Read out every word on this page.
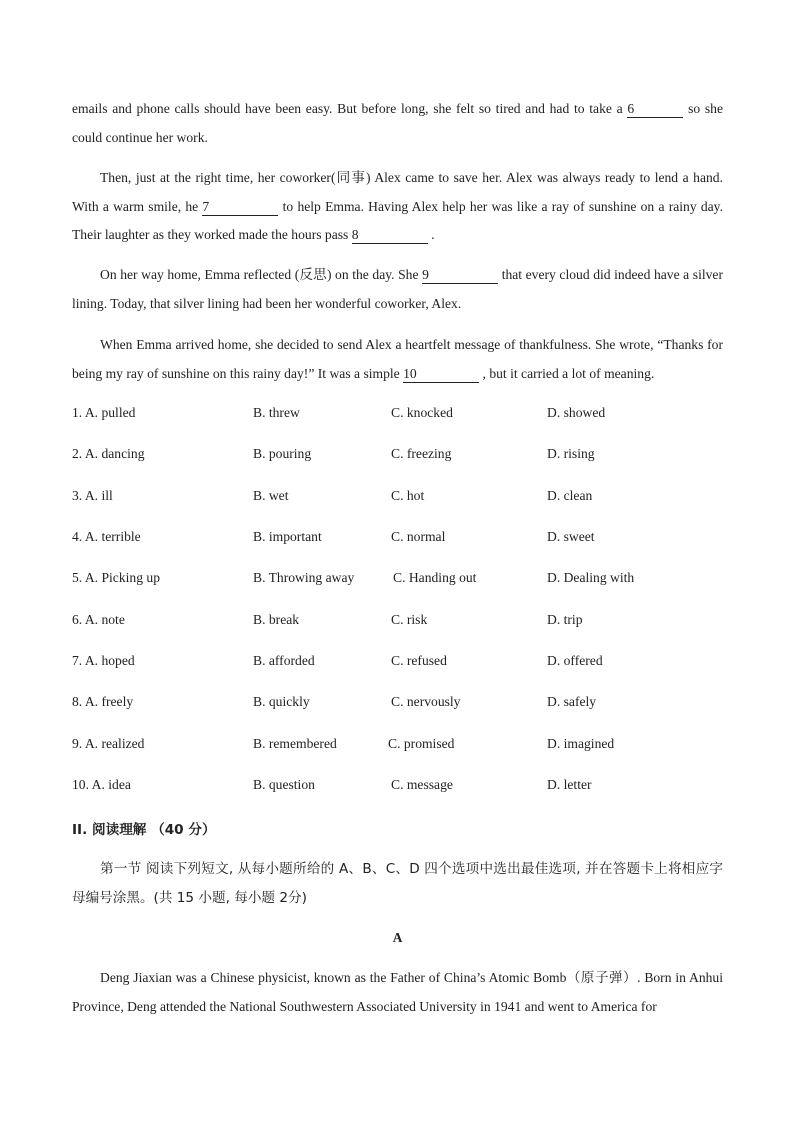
emails and phone calls should have been easy. But before long, she felt so tired and had to take a 6	so she could continue her work.
Then, just at the right time, her coworker(同事) Alex came to save her. Alex was always ready to lend a hand. With a warm smile, he 7	to help Emma. Having Alex help her was like a ray of sunshine on a rainy day. Their laughter as they worked made the hours pass 8	.
On her way home, Emma reflected (反思) on the day. She 9	that every cloud did indeed have a silver lining. Today, that silver lining had been her wonderful coworker, Alex.
When Emma arrived home, she decided to send Alex a heartfelt message of thankfulness. She wrote, “Thanks for being my ray of sunshine on this rainy day!” It was a simple 10	, but it carried a lot of meaning.
1. A. pulled	B. threw	C. knocked	D. showed
2. A. dancing	B. pouring	C. freezing	D. rising
3. A. ill	B. wet	C. hot	D. clean
4. A. terrible	B. important	C. normal	D. sweet
5. A. Picking up	B. Throwing away	C. Handing out	D. Dealing with
6. A. note	B. break	C. risk	D. trip
7. A. hoped	B. afforded	C. refused	D. offered
8. A. freely	B. quickly	C. nervously	D. safely
9. A. realized	B. remembered	C. promised	D. imagined
10. A. idea	B. question	C. message	D. letter
II. 阅读理解 （40 分）
第一节 阅读下列短文, 从每小题所给的 A、B、C、D 四个选项中选出最佳选项, 并在答题卡上将相应字母编号涂黑。(共 15 小题, 每小题 2分)
A
Deng Jiaxian was a Chinese physicist, known as the Father of China’s Atomic Bomb（原子弹）. Born in Anhui Province, Deng attended the National Southwestern Associated University in 1941 and went to America for
